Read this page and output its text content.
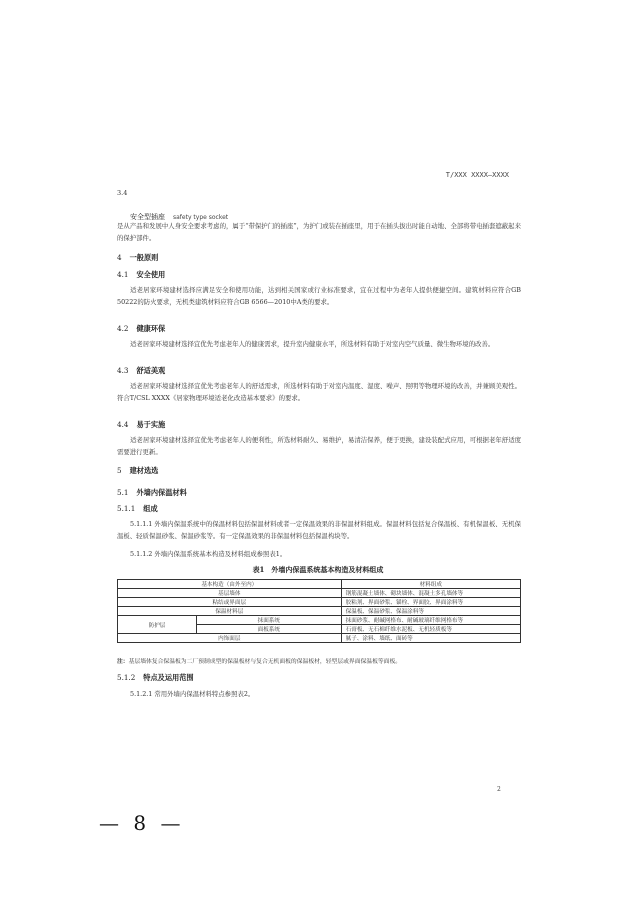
T/XXX XXXX—XXXX
3.4
安全型插座 safety type socket
是从产品和发展中人身安全要求考虑的，属于“带保护门的插座”，为护门或装在插座里，用于在插头拔出时能自动地、全部将带电插套遮蔽起来的保护部件。
4 一般原则
4.1 安全使用
适老居家环境建材选择应满足安全和使用功能，达到相关国家或行业标准要求，宜在过程中为老年人提供便捷空间。建筑材料应符合GB 50222的防火要求，无机类建筑材料应符合GB 6566—2010中A类的要求。
4.2 健康环保
适老居家环境建材选择宜优先考虑老年人的健康需求，提升室内健康水平，所选材料有助于对室内空气质量、微生物环境的改善。
4.3 舒适美观
适老居家环境建材选择宜优先考虑老年人的舒适需求，所选材料有助于对室内温度、湿度、噪声、照明等物理环境的改善，并兼顾美观性。符合T/CSL XXXX《居家物理环境适老化改造基本要求》的要求。
4.4 易于实施
适老居家环境建材选择宜优先考虑老年人的便利性，所选材料耐久、易维护，易清洁保养，便于更换，建设装配式应用，可根据老年舒适度需要进行更新。
5 建材选选
5.1 外墙内保温材料
5.1.1 组成
5.1.1.1 外墙内保温系统中的保温材料包括保温材料或者一定保温效果的非保温材料组成。保温材料包括复合保温板、有机保温板、无机保温板、轻质保温砂浆、保温砂浆等。有一定保温效果的非保温材料包括保温构块等。
5.1.1.2 外墙内保温系统基本构造及材料组成参照表1。
表1　外墙内保温系统基本构造及材料组成
基本构造（由外至内）		材料组成
基层墙体		钢筋混凝土墙体、砌块墙体、混凝土多孔墙体等
粘结或界面层		胶粘剂、界面砂浆、锚栓、界面胶、界面涂料等
保温材料层		保温板、保温砂浆、保温涂料等
防护层	抹面系统	抹面砂浆、耐碱网格布、耐碱玻璃纤维网格布等
	面板系统	石膏板、无石棉纤维水泥板、无机轻质板等
内饰面层		腻子、涂料、墙纸、面砖等
注：基层墙体复合保温板为二厂预制成型的保温板材与复合无机面板的保温板材，轻型层或界面保温板等面板。
5.1.2 特点及运用范围
5.1.2.1 常用外墙内保温材料特点参照表2。
2
— 8 —
